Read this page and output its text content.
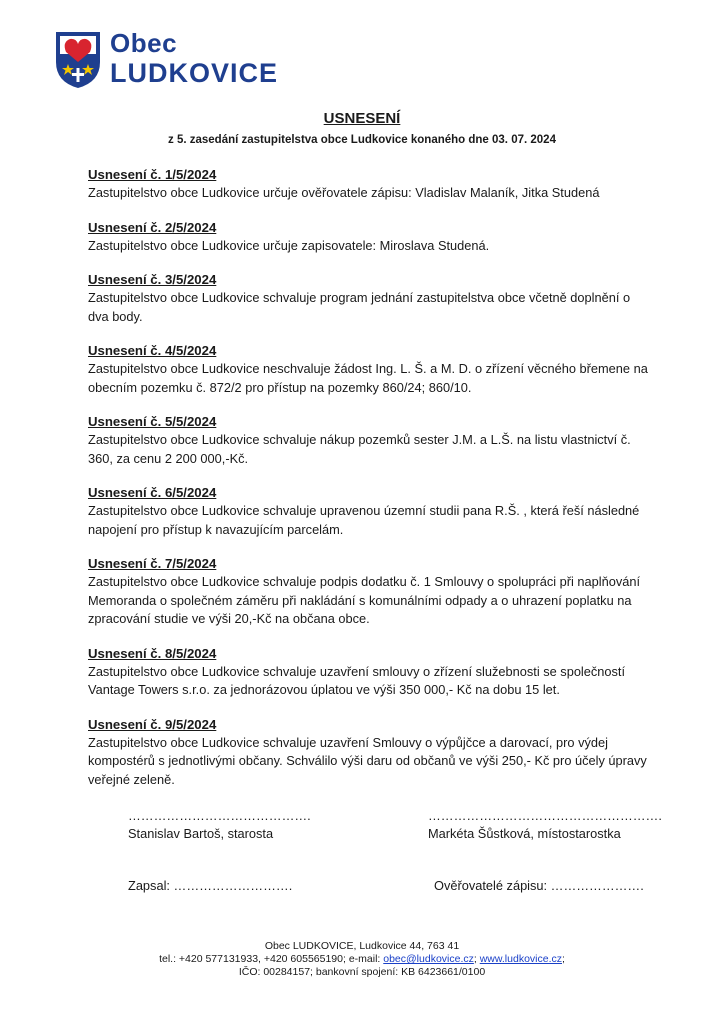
Obec
LUDKOVICE
USNESENÍ
z 5. zasedání zastupitelstva obce Ludkovice konaného dne 03. 07. 2024
Usnesení č. 1/5/2024
Zastupitelstvo obce Ludkovice určuje ověřovatele zápisu: Vladislav Malaník, Jitka Studená
Usnesení č. 2/5/2024
Zastupitelstvo obce Ludkovice určuje zapisovatele: Miroslava Studená.
Usnesení č. 3/5/2024
Zastupitelstvo obce Ludkovice schvaluje program jednání zastupitelstva obce včetně doplnění o dva body.
Usnesení č. 4/5/2024
Zastupitelstvo obce Ludkovice neschvaluje žádost Ing. L. Š. a M. D. o zřízení věcného břemene na obecním pozemku č. 872/2 pro přístup na pozemky 860/24; 860/10.
Usnesení č. 5/5/2024
Zastupitelstvo obce Ludkovice schvaluje nákup pozemků sester J.M. a L.Š. na listu vlastnictví č. 360, za cenu 2 200 000,-Kč.
Usnesení č. 6/5/2024
Zastupitelstvo obce Ludkovice schvaluje upravenou územní studii pana R.Š. , která řeší následné napojení pro přístup k navazujícím parcelám.
Usnesení č. 7/5/2024
Zastupitelstvo obce Ludkovice schvaluje podpis dodatku č. 1 Smlouvy o spolupráci při naplňování Memoranda o společném záměru při nakládání s komunálními odpady a o uhrazení poplatku na zpracování studie ve výši 20,-Kč na občana obce.
Usnesení č. 8/5/2024
Zastupitelstvo obce Ludkovice schvaluje uzavření smlouvy o zřízení služebnosti se společností Vantage Towers s.r.o. za jednorázovou úplatou ve výši 350 000,- Kč na dobu 15 let.
Usnesení č. 9/5/2024
Zastupitelstvo obce Ludkovice schvaluje uzavření Smlouvy o výpůjčce a darovací, pro výdej kompostérů s jednotlivými občany. Schválilo výši daru od občanů ve výši 250,- Kč pro účely úpravy veřejné zeleně.
…………………………………….	……………………………………………….
Stanislav Bartoš, starosta	Markéta Šůstková, místostarostka
Zapsal: ……………………….	Ověřovatelé zápisu: ………………….
Obec LUDKOVICE, Ludkovice 44, 763 41
tel.: +420 577131933, +420 605565190; e-mail: obec@ludkovice.cz; www.ludkovice.cz;
IČO: 00284157; bankovní spojení: KB 6423661/0100
